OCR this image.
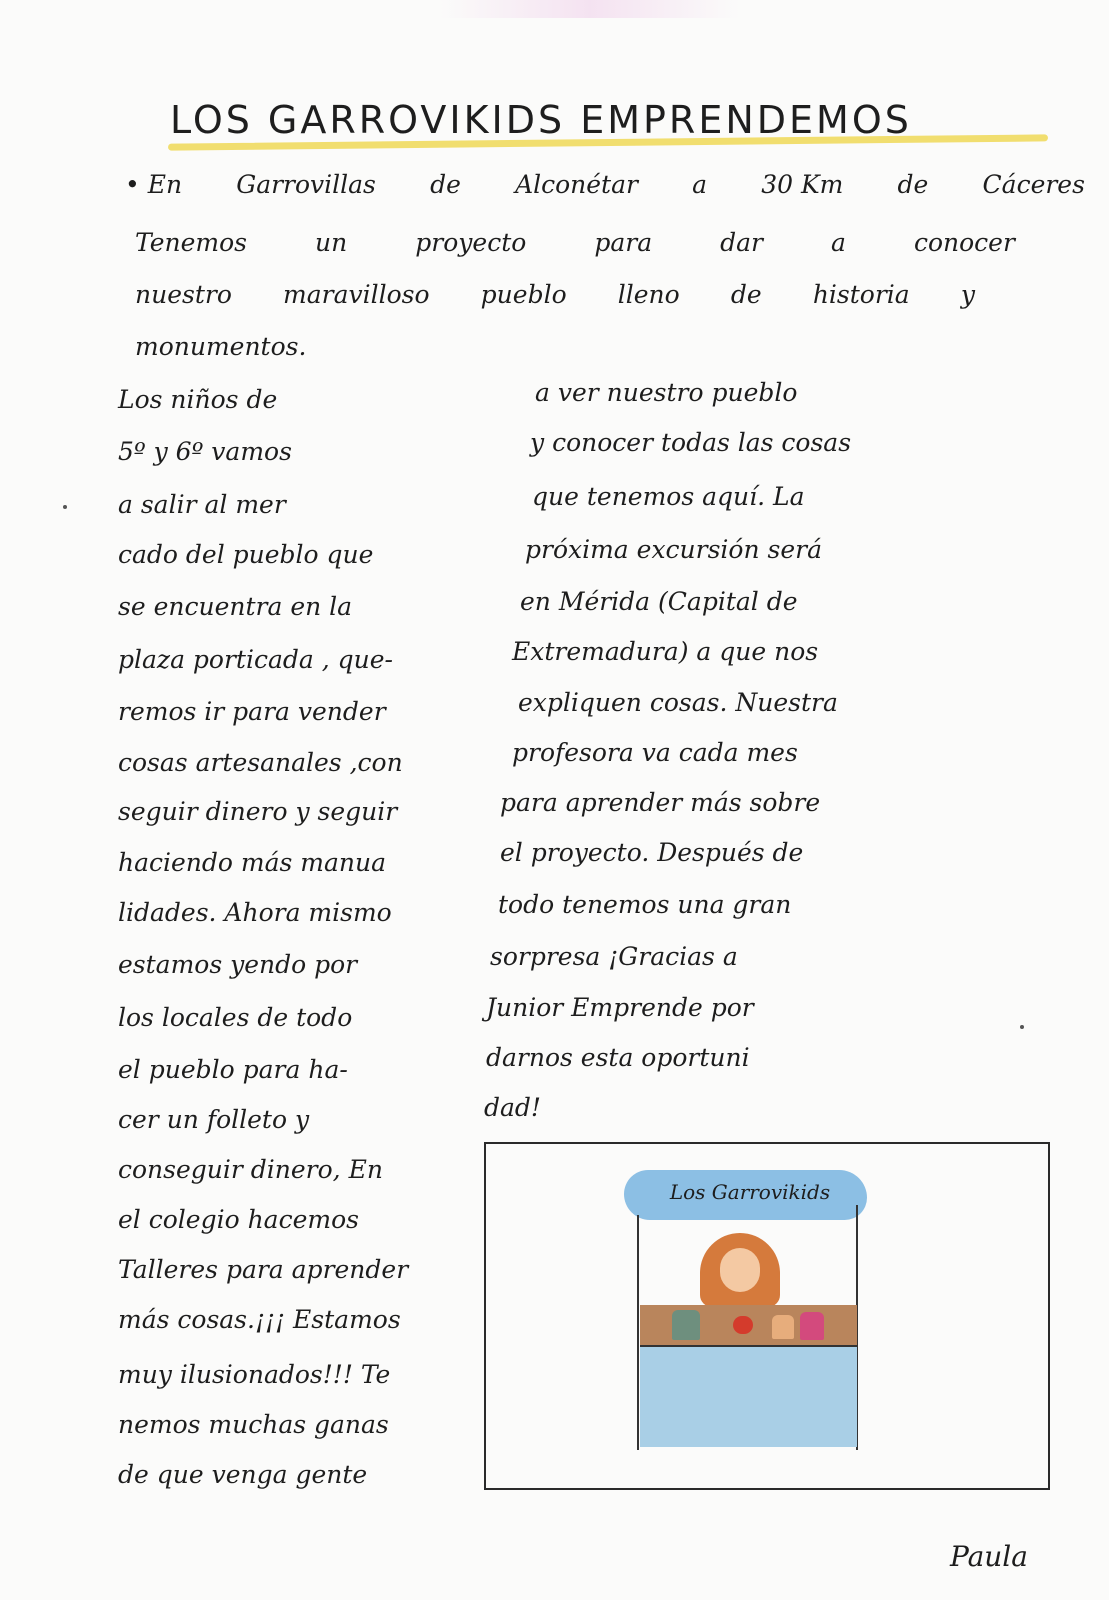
LOS GARROVIKIDS EMPRENDEMOS
• En Garrovillas de Alconétar a 30 Km de Cáceres
Tenemos	un	proyecto	para	dar	a	conocer
nuestro maravilloso pueblo lleno de historia y
monumentos.
Los niños de
5º y 6º vamos
a salir al mer
cado del pueblo que
se encuentra en la
plaza porticada , que-
remos ir para vender
cosas artesanales ,con
seguir dinero y seguir
haciendo más manua
lidades. Ahora mismo
estamos yendo por
los locales de todo
el pueblo para ha-
cer un folleto y
conseguir dinero, En
el colegio hacemos
Talleres para aprender
más cosas.¡¡¡ Estamos
muy ilusionados!!! Te
nemos muchas ganas
de que venga gente
a ver nuestro pueblo
y conocer todas las cosas
que tenemos aquí. La
próxima excursión será
en Mérida (Capital de
Extremadura) a que nos
expliquen cosas. Nuestra
profesora va cada mes
para aprender más sobre
el proyecto. Después de
todo tenemos una gran
sorpresa ¡Gracias a
Junior Emprende por
darnos esta oportuni
dad!
Los Garrovikids
Paula
